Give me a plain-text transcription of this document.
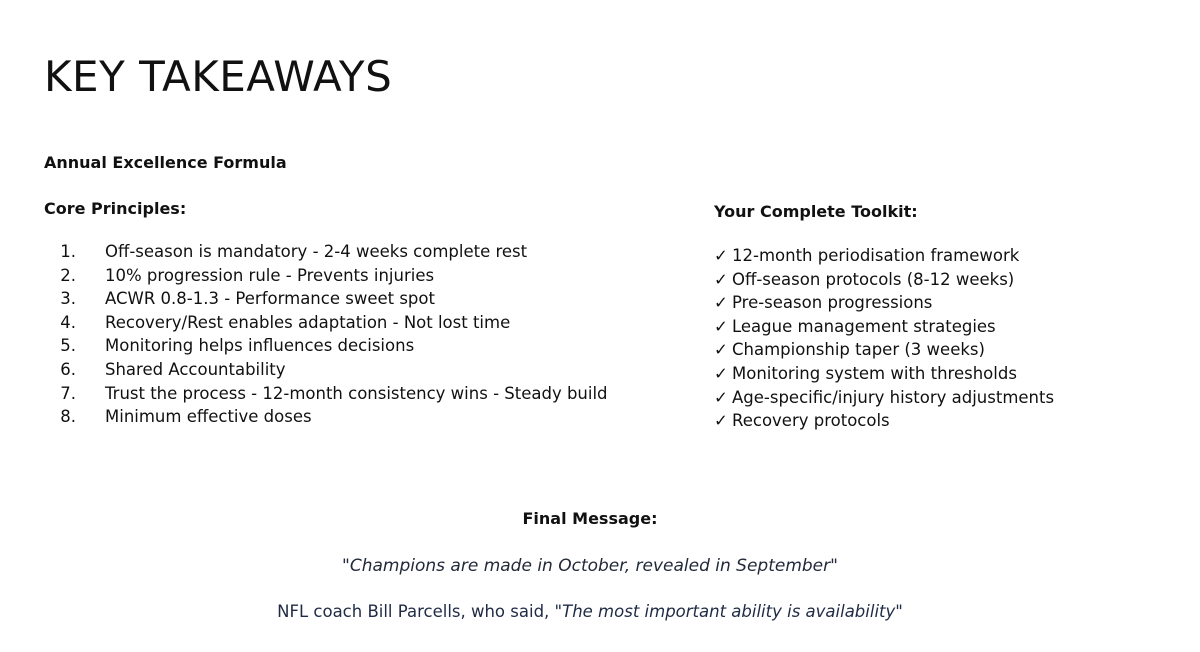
KEY TAKEAWAYS
Annual Excellence Formula
Core Principles:
1. Off-season is mandatory - 2-4 weeks complete rest
2. 10% progression rule - Prevents injuries
3. ACWR 0.8-1.3 - Performance sweet spot
4. Recovery/Rest enables adaptation - Not lost time
5. Monitoring helps influences decisions
6. Shared Accountability
7. Trust the process - 12-month consistency wins - Steady build
8. Minimum effective doses
Your Complete Toolkit:
✓ 12-month periodisation framework
✓ Off-season protocols (8-12 weeks)
✓ Pre-season progressions
✓ League management strategies
✓ Championship taper (3 weeks)
✓ Monitoring system with thresholds
✓ Age-specific/injury history adjustments
✓ Recovery protocols
Final Message:
"Champions are made in October, revealed in September"
NFL coach Bill Parcells, who said, "The most important ability is availability"
